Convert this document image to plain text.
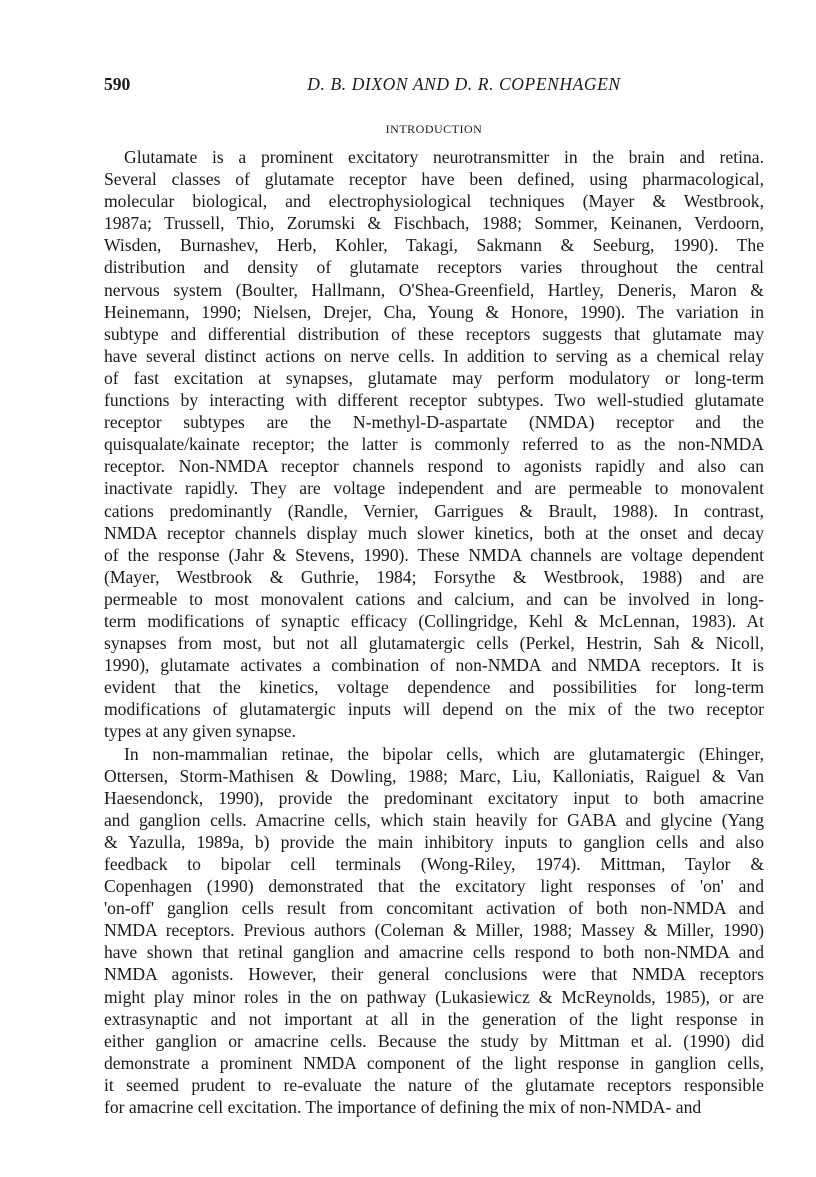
590	D. B. DIXON AND D. R. COPENHAGEN
INTRODUCTION
Glutamate is a prominent excitatory neurotransmitter in the brain and retina.
Several classes of glutamate receptor have been defined, using pharmacological,
molecular biological, and electrophysiological techniques (Mayer & Westbrook,
1987a; Trussell, Thio, Zorumski & Fischbach, 1988; Sommer, Keinanen, Verdoorn,
Wisden, Burnashev, Herb, Kohler, Takagi, Sakmann & Seeburg, 1990). The
distribution and density of glutamate receptors varies throughout the central
nervous system (Boulter, Hallmann, O'Shea-Greenfield, Hartley, Deneris, Maron &
Heinemann, 1990; Nielsen, Drejer, Cha, Young & Honore, 1990). The variation in
subtype and differential distribution of these receptors suggests that glutamate may
have several distinct actions on nerve cells. In addition to serving as a chemical relay
of fast excitation at synapses, glutamate may perform modulatory or long-term
functions by interacting with different receptor subtypes. Two well-studied glutamate
receptor subtypes are the N-methyl-D-aspartate (NMDA) receptor and the
quisqualate/kainate receptor; the latter is commonly referred to as the non-NMDA
receptor. Non-NMDA receptor channels respond to agonists rapidly and also can
inactivate rapidly. They are voltage independent and are permeable to monovalent
cations predominantly (Randle, Vernier, Garrigues & Brault, 1988). In contrast,
NMDA receptor channels display much slower kinetics, both at the onset and decay
of the response (Jahr & Stevens, 1990). These NMDA channels are voltage dependent
(Mayer, Westbrook & Guthrie, 1984; Forsythe & Westbrook, 1988) and are
permeable to most monovalent cations and calcium, and can be involved in long-
term modifications of synaptic efficacy (Collingridge, Kehl & McLennan, 1983). At
synapses from most, but not all glutamatergic cells (Perkel, Hestrin, Sah & Nicoll,
1990), glutamate activates a combination of non-NMDA and NMDA receptors. It is
evident that the kinetics, voltage dependence and possibilities for long-term
modifications of glutamatergic inputs will depend on the mix of the two receptor
types at any given synapse.
In non-mammalian retinae, the bipolar cells, which are glutamatergic (Ehinger,
Ottersen, Storm-Mathisen & Dowling, 1988; Marc, Liu, Kalloniatis, Raiguel & Van
Haesendonck, 1990), provide the predominant excitatory input to both amacrine
and ganglion cells. Amacrine cells, which stain heavily for GABA and glycine (Yang
& Yazulla, 1989a, b) provide the main inhibitory inputs to ganglion cells and also
feedback to bipolar cell terminals (Wong-Riley, 1974). Mittman, Taylor &
Copenhagen (1990) demonstrated that the excitatory light responses of 'on' and
'on-off' ganglion cells result from concomitant activation of both non-NMDA and
NMDA receptors. Previous authors (Coleman & Miller, 1988; Massey & Miller, 1990)
have shown that retinal ganglion and amacrine cells respond to both non-NMDA and
NMDA agonists. However, their general conclusions were that NMDA receptors
might play minor roles in the on pathway (Lukasiewicz & McReynolds, 1985), or are
extrasynaptic and not important at all in the generation of the light response in
either ganglion or amacrine cells. Because the study by Mittman et al. (1990) did
demonstrate a prominent NMDA component of the light response in ganglion cells,
it seemed prudent to re-evaluate the nature of the glutamate receptors responsible
for amacrine cell excitation. The importance of defining the mix of non-NMDA- and
